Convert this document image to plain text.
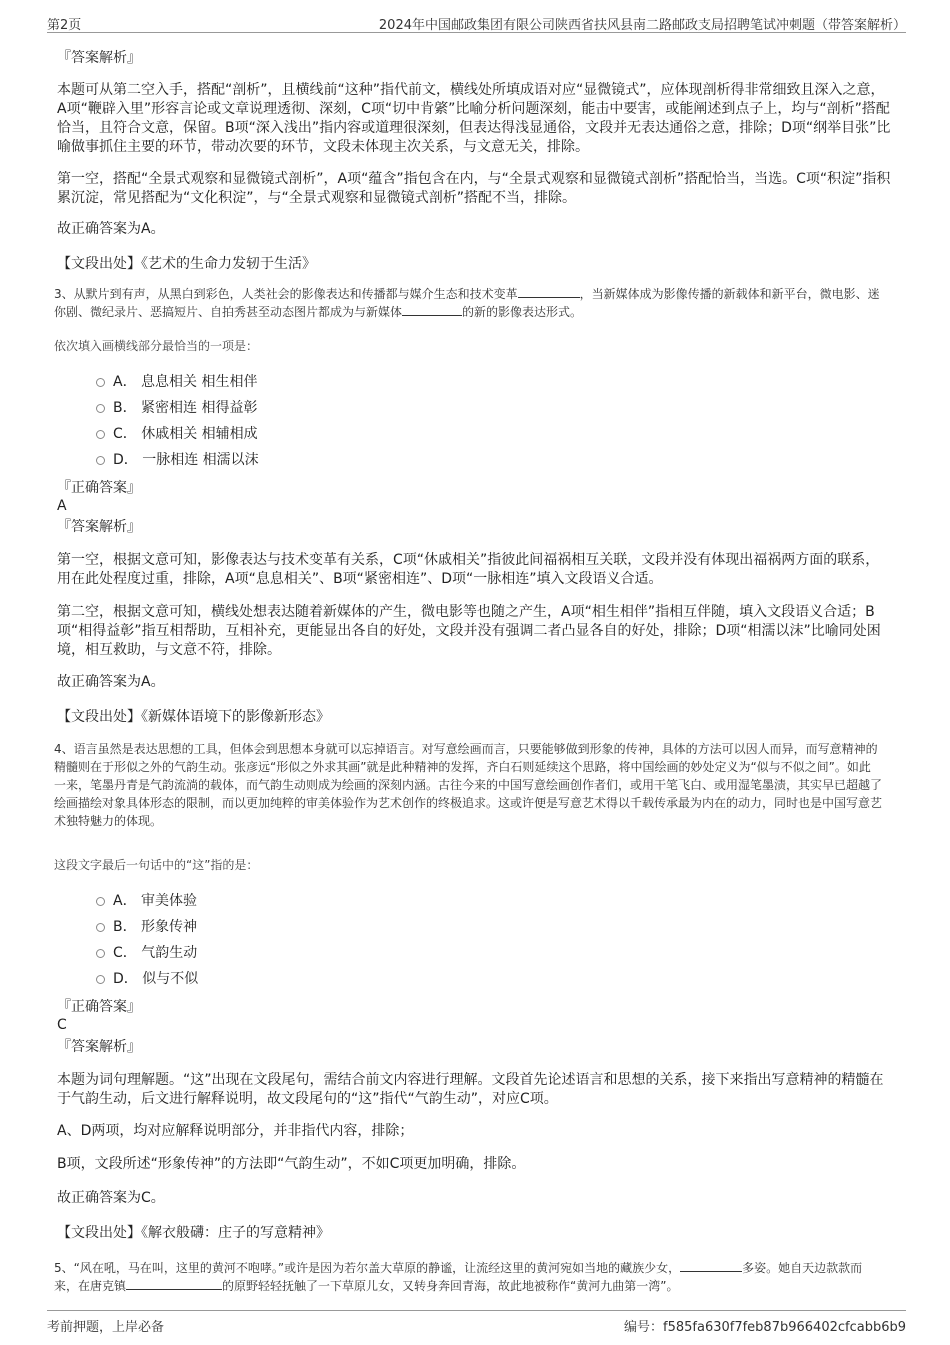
第2页	2024年中国邮政集团有限公司陕西省扶风县南二路邮政支局招聘笔试冲刺题（带答案解析）
『答案解析』
本题可从第二空入手，搭配“剖析”，且横线前“这种”指代前文，横线处所填成语对应“显微镜式”，应体现剖析得非常细致且深入之意，A项“鞭辟入里”形容言论或文章说理透彻、深刻，C项“切中肯綮”比喻分析问题深刻，能击中要害，或能阐述到点子上，均与“剖析”搭配恰当，且符合文意，保留。B项“深入浅出”指内容或道理很深刻，但表达得浅显通俗，文段并无表达通俗之意，排除；D项“纲举目张”比喻做事抓住主要的环节，带动次要的环节，文段未体现主次关系，与文意无关，排除。
第一空，搭配“全景式观察和显微镜式剖析”，A项“蕴含”指包含在内，与“全景式观察和显微镜式剖析”搭配恰当，当选。C项“积淀”指积累沉淀，常见搭配为“文化积淀”，与“全景式观察和显微镜式剖析”搭配不当，排除。
故正确答案为A。
【文段出处】《艺术的生命力发轫于生活》
3、从默片到有声，从黑白到彩色，人类社会的影像表达和传播都与媒介生态和技术变革	，当新媒体成为影像传播的新载体和新平台，微电影、迷你剧、微纪录片、恶搞短片、自拍秀甚至动态图片都成为与新媒体	的新的影像表达形式。
依次填入画横线部分最恰当的一项是：
A． 息息相关 相生相伴
B． 紧密相连 相得益彰
C． 休戚相关 相辅相成
D． 一脉相连 相濡以沫
『正确答案』
A
『答案解析』
第一空，根据文意可知，影像表达与技术变革有关系，C项“休戚相关”指彼此间福祸相互关联，文段并没有体现出福祸两方面的联系，用在此处程度过重，排除，A项“息息相关”、B项“紧密相连”、D项“一脉相连”填入文段语义合适。
第二空，根据文意可知，横线处想表达随着新媒体的产生，微电影等也随之产生，A项“相生相伴”指相互伴随，填入文段语义合适；B项“相得益彰”指互相帮助，互相补充，更能显出各自的好处，文段并没有强调二者凸显各自的好处，排除；D项“相濡以沫”比喻同处困境，相互救助，与文意不符，排除。
故正确答案为A。
【文段出处】《新媒体语境下的影像新形态》
4、语言虽然是表达思想的工具，但体会到思想本身就可以忘掉语言。对写意绘画而言，只要能够做到形象的传神，具体的方法可以因人而异，而写意精神的精髓则在于形似之外的气韵生动。张彦远“形似之外求其画”就是此种精神的发挥，齐白石则延续这个思路，将中国绘画的妙处定义为“似与不似之间”。如此一来，笔墨丹青是气韵流淌的载体，而气韵生动则成为绘画的深刻内涵。古往今来的中国写意绘画创作者们，或用干笔飞白、或用湿笔墨渍，其实早已超越了绘画描绘对象具体形态的限制，而以更加纯粹的审美体验作为艺术创作的终极追求。这或许便是写意艺术得以千载传承最为内在的动力，同时也是中国写意艺术独特魅力的体现。
这段文字最后一句话中的“这”指的是：
A． 审美体验
B． 形象传神
C． 气韵生动
D． 似与不似
『正确答案』
C
『答案解析』
本题为词句理解题。“这”出现在文段尾句，需结合前文内容进行理解。文段首先论述语言和思想的关系，接下来指出写意精神的精髓在于气韵生动，后文进行解释说明，故文段尾句的“这”指代“气韵生动”，对应C项。
A、D两项，均对应解释说明部分，并非指代内容，排除；
B项，文段所述“形象传神”的方法即“气韵生动”，不如C项更加明确，排除。
故正确答案为C。
【文段出处】《解衣般礴：庄子的写意精神》
5、“风在吼，马在叫，这里的黄河不咆哮。”或许是因为若尔盖大草原的静谧，让流经这里的黄河宛如当地的藏族少女，	多姿。她自天边款款而来，在唐克镇	的原野轻轻抚触了一下草原儿女，又转身奔回青海，故此地被称作“黄河九曲第一湾”。
考前押题，上岸必备	编号：f585fa630f7feb87b966402cfcabb6b9
